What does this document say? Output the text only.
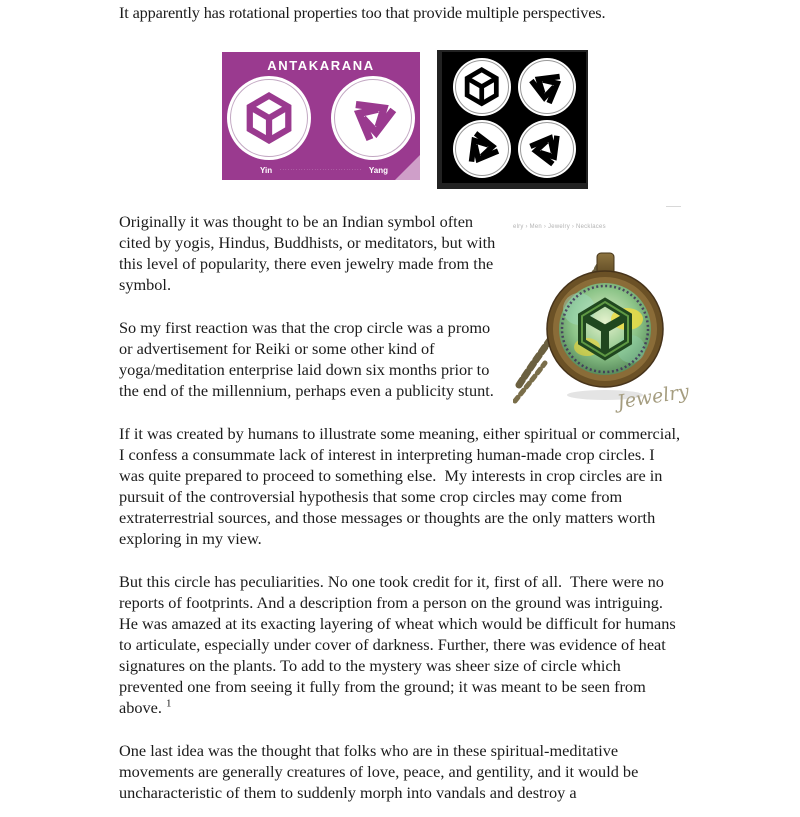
It apparently has rotational properties too that provide multiple perspectives.

ANTAKARANA
Yin	Yang
·······························
elry › Men › Jewelry › Necklaces
Jewelry

Originally it was thought to be an Indian symbol often cited by yogis, Hindus, Buddhists, or meditators, but with this level of popularity, there even jewelry made from the symbol.

So my first reaction was that the crop circle was a promo or advertisement for Reiki or some other kind of yoga/meditation enterprise laid down six months prior to the end of the millennium, perhaps even a publicity stunt.

If it was created by humans to illustrate some meaning, either spiritual or commercial, I confess a consummate lack of interest in interpreting human-made crop circles. I was quite prepared to proceed to something else.  My interests in crop circles are in pursuit of the controversial hypothesis that some crop circles may come from extraterrestrial sources, and those messages or thoughts are the only matters worth exploring in my view.

But this circle has peculiarities. No one took credit for it, first of all.  There were no reports of footprints. And a description from a person on the ground was intriguing. He was amazed at its exacting layering of wheat which would be difficult for humans to articulate, especially under cover of darkness. Further, there was evidence of heat signatures on the plants. To add to the mystery was sheer size of circle which prevented one from seeing it fully from the ground; it was meant to be seen from above. $^1$

One last idea was the thought that folks who are in these spiritual-meditative movements are generally creatures of love, peace, and gentility, and it would be uncharacteristic of them to suddenly morph into vandals and destroy a
